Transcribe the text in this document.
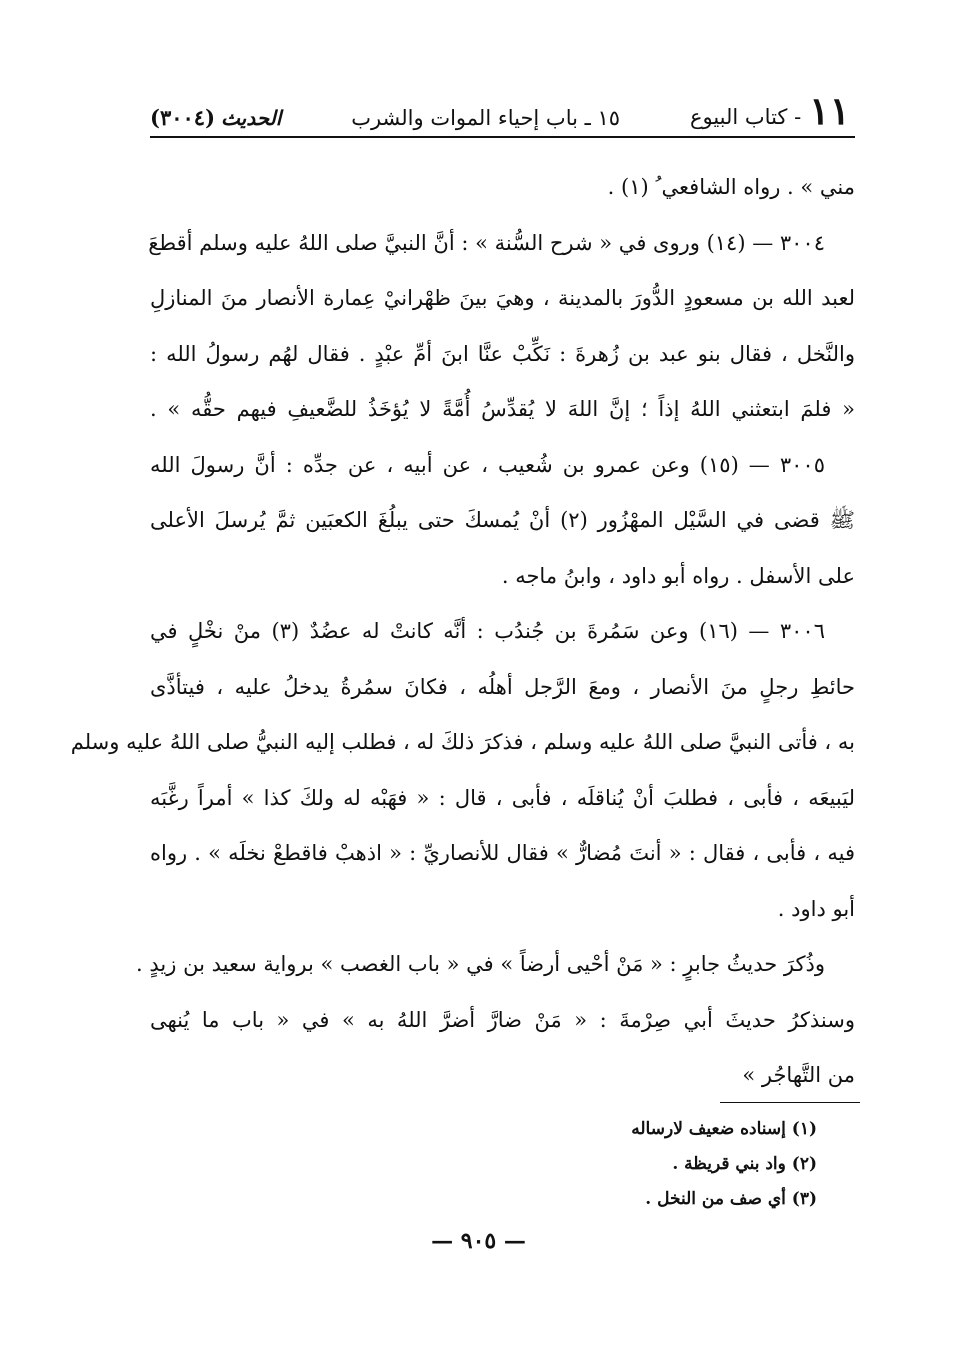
١١
- كتاب البيوع
١٥ ـ باب إحياء الموات والشرب
الحديث
(٣٠٠٤)
مني » . رواه الشافعي ُ (١) .
٣٠٠٤ — (١٤) وروى في « شرح السُّنة » : أنَّ النبيَّ صلى اللهُ عليه وسلم أقطعَ
لعبد الله بن مسعودٍ الدُّورَ بالمدينة ، وهيَ بينَ ظهْرانيْ عِمارة الأنصار منَ المنازلِ
والنَّخل ، فقال بنو عبد بن زُهرةَ : نَكِّبْ عنَّا ابنَ أمِّ عبْدٍ . فقال لهُم رسولُ الله :
« فلمَ ابتعثني اللهُ إذاً ؛ إنَّ اللهَ لا يُقدِّسُ أُمَّةً لا يُؤخَذُ للضَّعيفِ فيهم حقُّه » .
٣٠٠٥ — (١٥) وعن عمرو بن شُعيب ، عن أبيه ، عن جدِّه : أنَّ رسولَ الله
ﷺ قضى في السَّيْل المهْزُور (٢) أنْ يُمسكَ حتى يبلُغَ الكعبَين ثمَّ يُرسلَ الأعلى
على الأسفل . رواه أبو داود ، وابنُ ماجه .
٣٠٠٦ — (١٦) وعن سَمُرةَ بن جُندُب : أنَّه كانتْ له عضُدٌ (٣) منْ نخْلٍ في
حائطِ رجلٍ منَ الأنصار ، ومعَ الرَّجل أهلُه ، فكانَ سمُرةُ يدخلُ عليه ، فيتأذَّى
به ، فأتى النبيَّ صلى اللهُ عليه وسلم ، فذكرَ ذلكَ له ، فطلب إليه النبيُّ صلى اللهُ عليه وسلم
ليَبيعَه ، فأبى ، فطلبَ أنْ يُناقلَه ، فأبى ، قال : « فهَبْه له ولكَ كذا » أمراً رغَّبَه
فيه ، فأبى ، فقال : « أنتَ مُضارٌّ » فقال للأنصاريِّ : « اذهبْ فاقطعْ نخلَه » . رواه
أبو داود .
وذُكرَ حديثُ جابرٍ : « مَنْ أحْيى أرضاً » في « باب الغصب » برواية سعيد بن زيدٍ .
وسنذكرُ حديثَ أبي صِرْمةَ : « مَنْ ضارَّ أضرَّ اللهُ به » في « باب ما يُنهى
من التَّهاجُر »
(١) إسناده ضعيف لارساله
(٢) واد بني قريظة .
(٣) أي صف من النخل .
— ٩٠٥ —
